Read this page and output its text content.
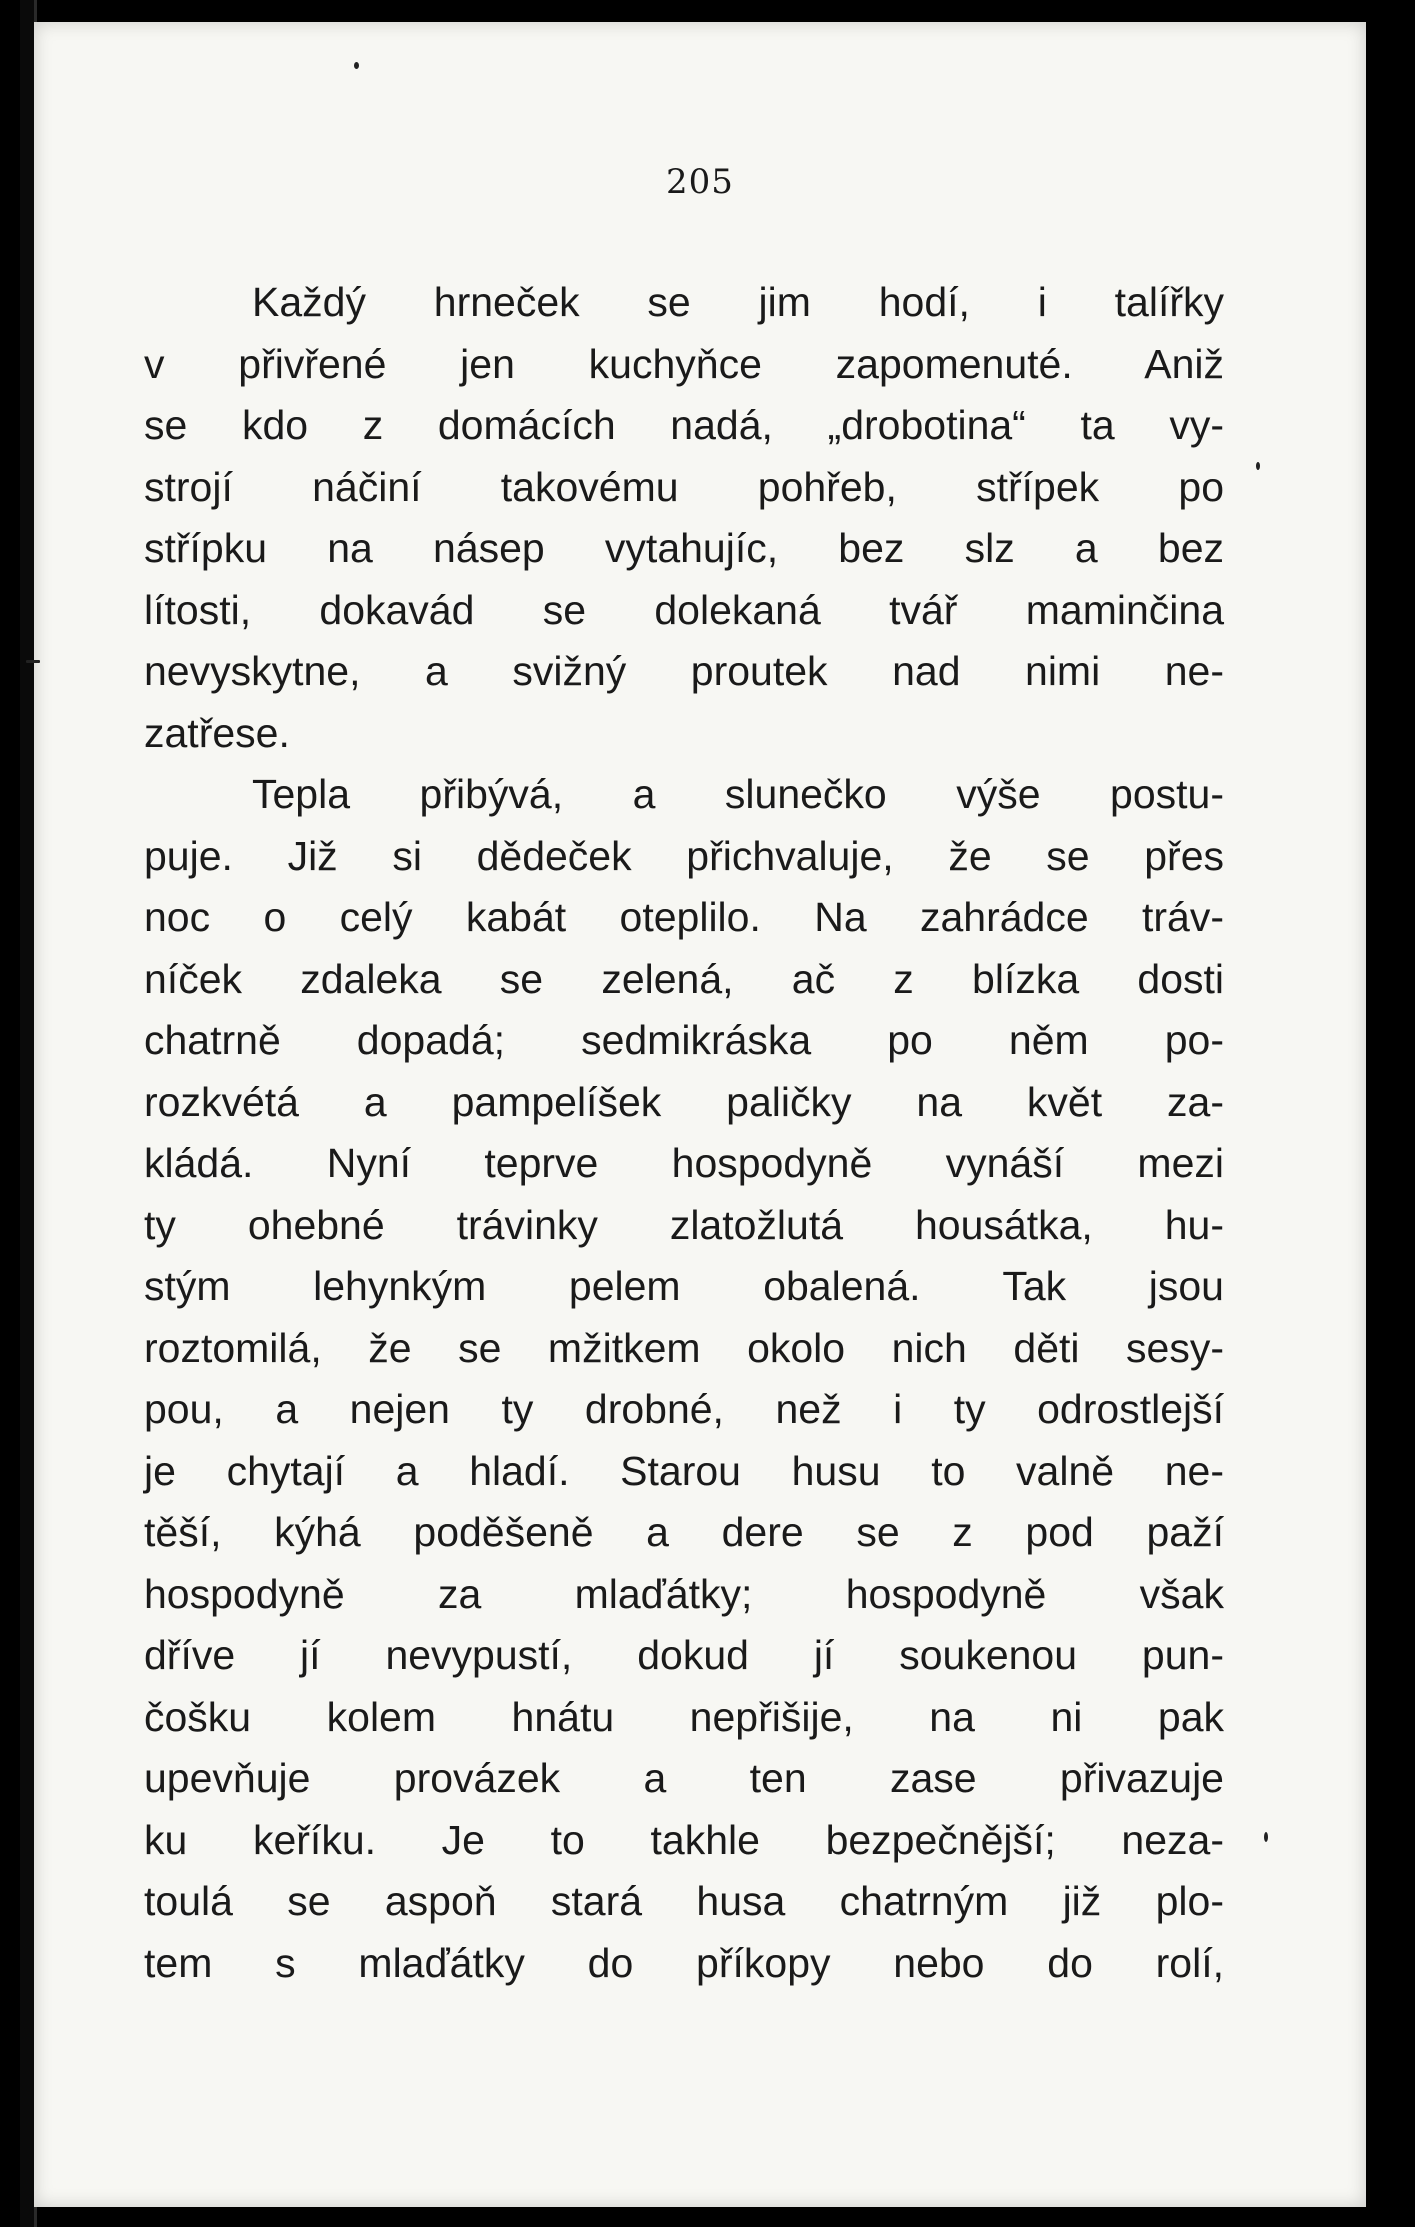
205
Každý hrneček se jim hodí, i talířky
v přivřené jen kuchyňce zapomenuté. Aniž
se kdo z domácích nadá, „drobotina“ ta vy-
strojí náčiní takovému pohřeb, střípek po
střípku na násep vytahujíc, bez slz a bez
lítosti, dokavád se dolekaná tvář maminčina
nevyskytne, a svižný proutek nad nimi ne-
zatřese.
Tepla přibývá, a slunečko výše postu-
puje. Již si dědeček přichvaluje, že se přes
noc o celý kabát oteplilo. Na zahrádce tráv-
níček zdaleka se zelená, ač z blízka dosti
chatrně dopadá; sedmikráska po něm po-
rozkvétá a pampelíšek paličky na květ za-
kládá. Nyní teprve hospodyně vynáší mezi
ty ohebné trávinky zlatožlutá housátka, hu-
stým lehynkým pelem obalená. Tak jsou
roztomilá, že se mžitkem okolo nich děti sesy-
pou, a nejen ty drobné, než i ty odrostlejší
je chytají a hladí. Starou husu to valně ne-
těší, kýhá poděšeně a dere se z pod paží
hospodyně za mlaďátky; hospodyně však
dříve jí nevypustí, dokud jí soukenou pun-
čošku kolem hnátu nepřišije, na ni pak
upevňuje provázek a ten zase přivazuje
ku keříku. Je to takhle bezpečnější; neza-
toulá se aspoň stará husa chatrným již plo-
tem s mlaďátky do příkopy nebo do rolí,
